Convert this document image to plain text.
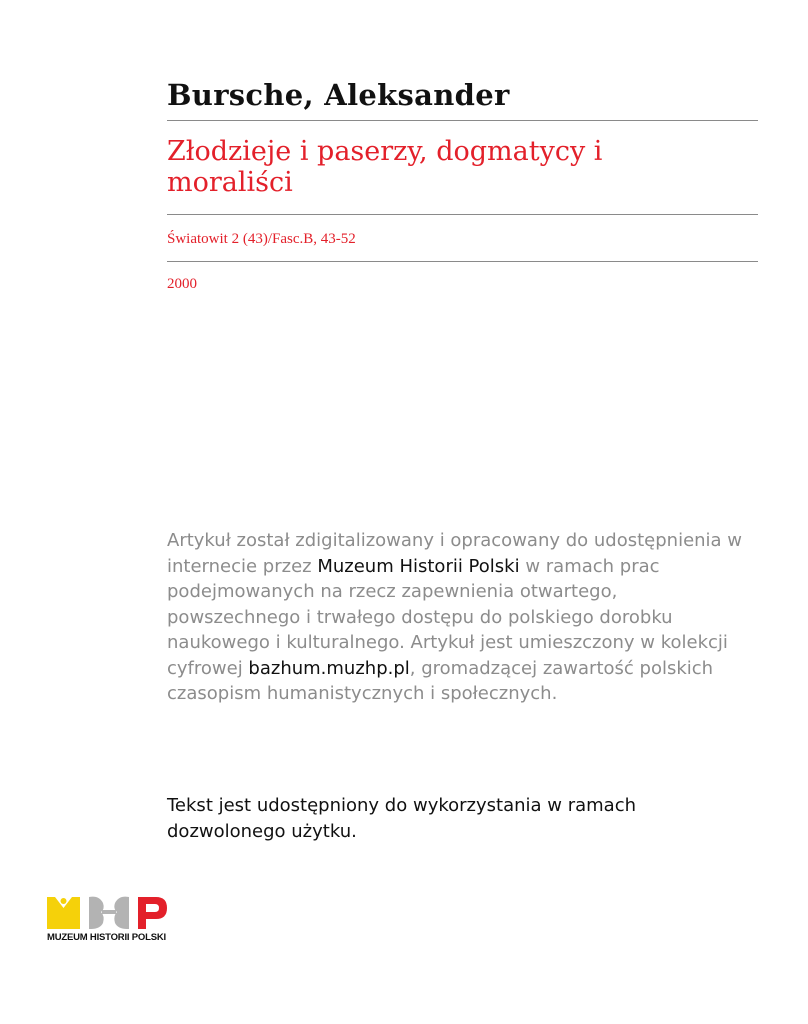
Bursche, Aleksander
Złodzieje i paserzy, dogmatycy i moraliści
Światowit 2 (43)/Fasc.B, 43-52
2000
Artykuł został zdigitalizowany i opracowany do udostępnienia w internecie przez Muzeum Historii Polski w ramach prac podejmowanych na rzecz zapewnienia otwartego, powszechnego i trwałego dostępu do polskiego dorobku naukowego i kulturalnego. Artykuł jest umieszczony w kolekcji cyfrowej bazhum.muzhp.pl, gromadzącej zawartość polskich czasopism humanistycznych i społecznych.
Tekst jest udostępniony do wykorzystania w ramach dozwolonego użytku.
MUZEUM HISTORII POLSKI
